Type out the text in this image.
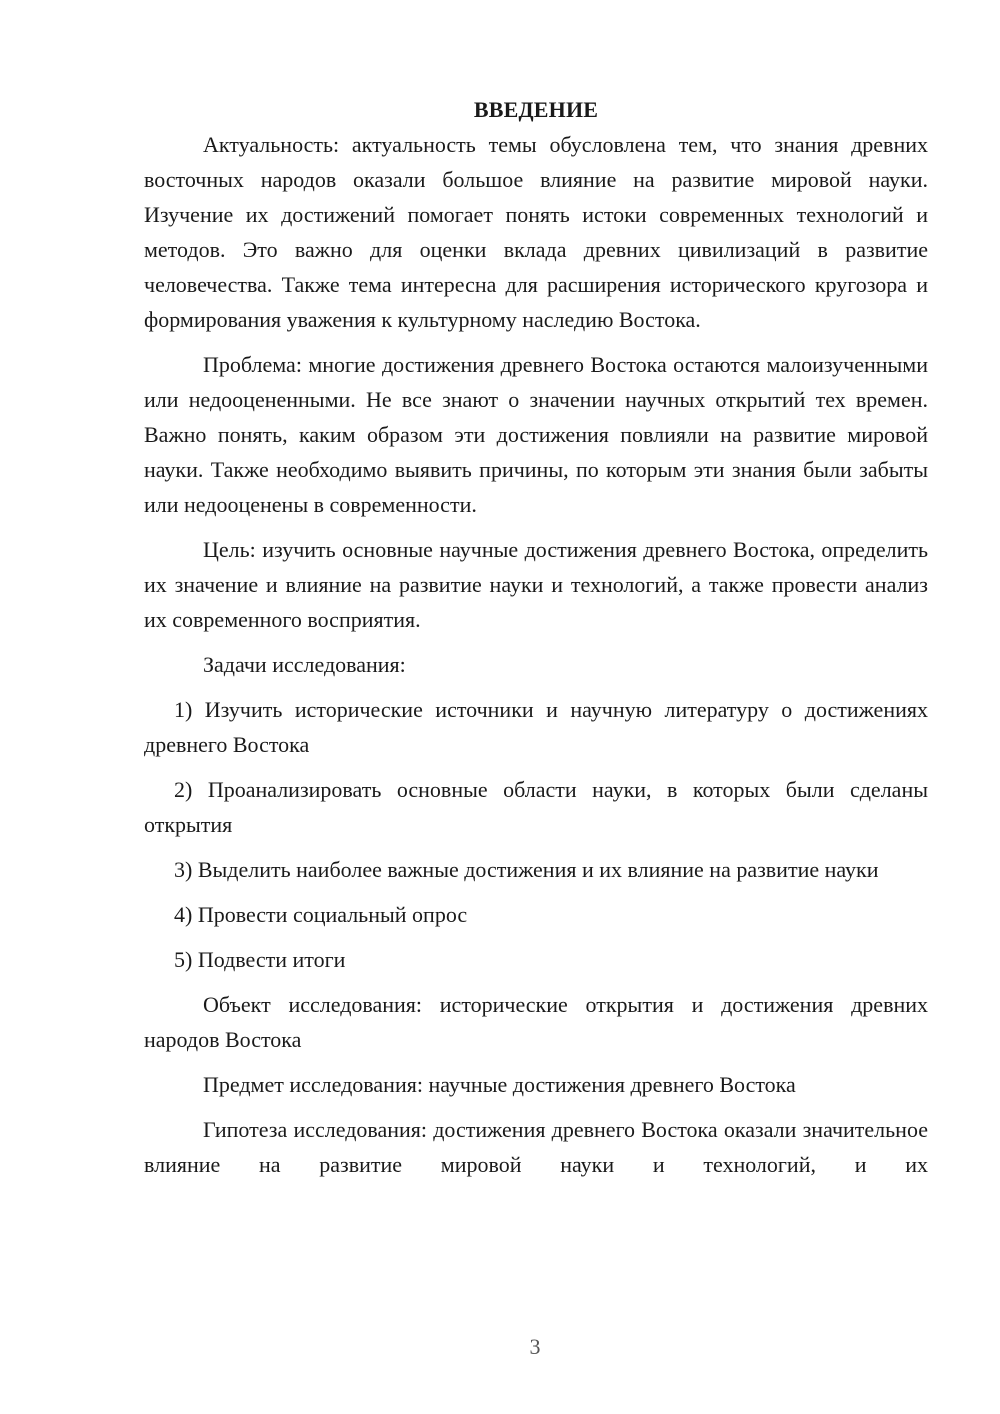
ВВЕДЕНИЕ

Актуальность: актуальность темы обусловлена тем, что знания древних восточных народов оказали большое влияние на развитие мировой науки. Изучение их достижений помогает понять истоки современных технологий и методов. Это важно для оценки вклада древних цивилизаций в развитие человечества. Также тема интересна для расширения исторического кругозора и формирования уважения к культурному наследию Востока.

Проблема: многие достижения древнего Востока остаются малоизученными или недооцененными. Не все знают о значении научных открытий тех времен. Важно понять, каким образом эти достижения повлияли на развитие мировой науки. Также необходимо выявить причины, по которым эти знания были забыты или недооценены в современности.

Цель: изучить основные научные достижения древнего Востока, определить их значение и влияние на развитие науки и технологий, а также провести анализ их современного восприятия.

Задачи исследования:

1) Изучить исторические источники и научную литературу о достижениях древнего Востока

2) Проанализировать основные области науки, в которых были сделаны открытия

3) Выделить наиболее важные достижения и их влияние на развитие науки

4) Провести социальный опрос

5) Подвести итоги

Объект исследования: исторические открытия и достижения древних народов Востока

Предмет исследования: научные достижения древнего Востока

Гипотеза исследования: достижения древнего Востока оказали значительное влияние на развитие мировой науки и технологий, и их

3
